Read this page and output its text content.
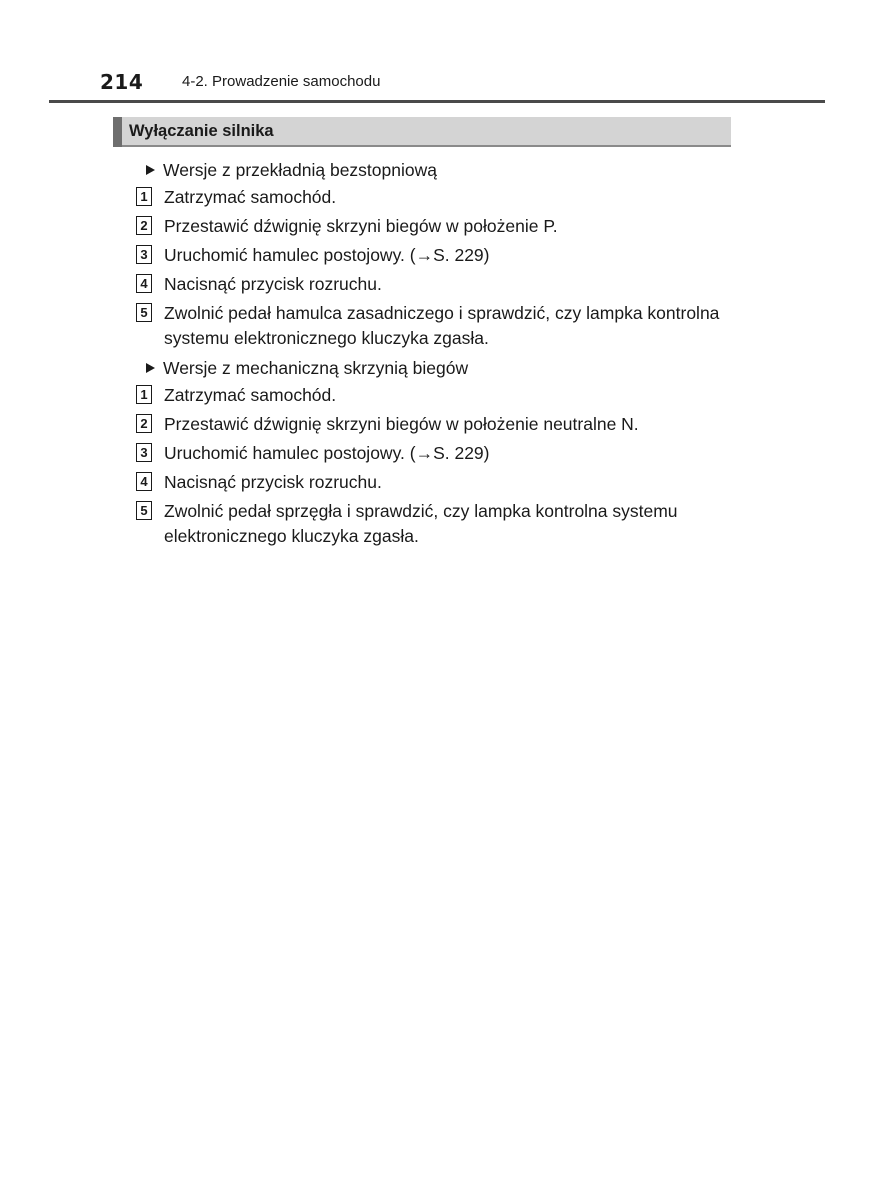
214	4-2. Prowadzenie samochodu
Wyłączanie silnika
Wersje z przekładnią bezstopniową
1 Zatrzymać samochód.
2 Przestawić dźwignię skrzyni biegów w położenie P.
3 Uruchomić hamulec postojowy. (→S. 229)
4 Nacisnąć przycisk rozruchu.
5 Zwolnić pedał hamulca zasadniczego i sprawdzić, czy lampka kontrolna systemu elektronicznego kluczyka zgasła.
Wersje z mechaniczną skrzynią biegów
1 Zatrzymać samochód.
2 Przestawić dźwignię skrzyni biegów w położenie neutralne N.
3 Uruchomić hamulec postojowy. (→S. 229)
4 Nacisnąć przycisk rozruchu.
5 Zwolnić pedał sprzęgła i sprawdzić, czy lampka kontrolna systemu elektronicznego kluczyka zgasła.
